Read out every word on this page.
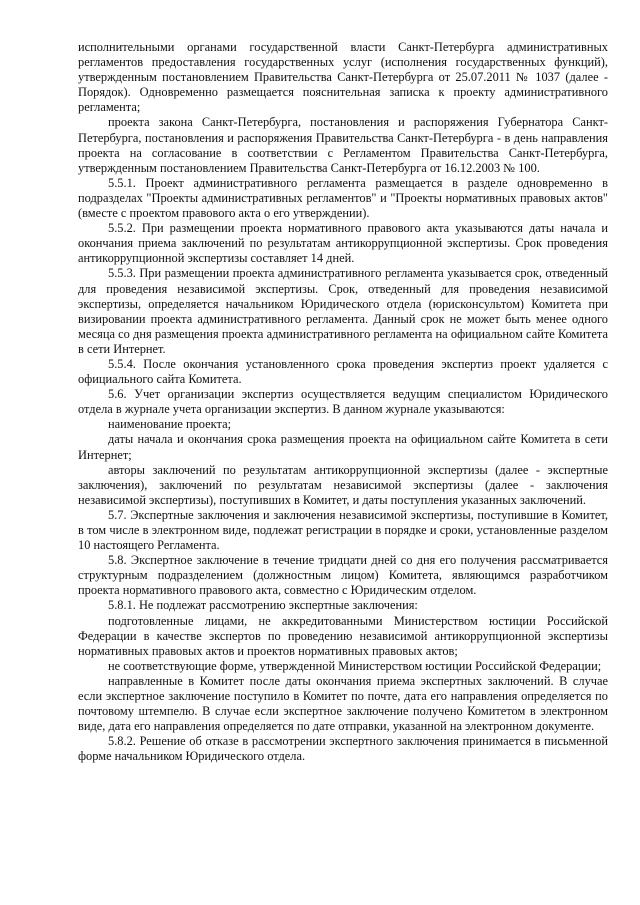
исполнительными органами государственной власти Санкт-Петербурга административных регламентов предоставления государственных услуг (исполнения государственных функций), утвержденным постановлением Правительства Санкт-Петербурга от 25.07.2011 № 1037 (далее - Порядок). Одновременно размещается пояснительная записка к проекту административного регламента;

проекта закона Санкт-Петербурга, постановления и распоряжения Губернатора Санкт-Петербурга, постановления и распоряжения Правительства Санкт-Петербурга - в день направления проекта на согласование в соответствии с Регламентом Правительства Санкт-Петербурга, утвержденным постановлением Правительства Санкт-Петербурга от 16.12.2003 № 100.

5.5.1. Проект административного регламента размещается в разделе одновременно в подразделах "Проекты административных регламентов" и "Проекты нормативных правовых актов" (вместе с проектом правового акта о его утверждении).

5.5.2. При размещении проекта нормативного правового акта указываются даты начала и окончания приема заключений по результатам антикоррупционной экспертизы. Срок проведения антикоррупционной экспертизы составляет 14 дней.

5.5.3. При размещении проекта административного регламента указывается срок, отведенный для проведения независимой экспертизы. Срок, отведенный для проведения независимой экспертизы, определяется начальником Юридического отдела (юрисконсультом) Комитета при визировании проекта административного регламента. Данный срок не может быть менее одного месяца со дня размещения проекта административного регламента на официальном сайте Комитета в сети Интернет.

5.5.4. После окончания установленного срока проведения экспертиз проект удаляется с официального сайта Комитета.

5.6. Учет организации экспертиз осуществляется ведущим специалистом Юридического отдела в журнале учета организации экспертиз. В данном журнале указываются:

наименование проекта;

даты начала и окончания срока размещения проекта на официальном сайте Комитета в сети Интернет;

авторы заключений по результатам антикоррупционной экспертизы (далее - экспертные заключения), заключений по результатам независимой экспертизы (далее - заключения независимой экспертизы), поступивших в Комитет, и даты поступления указанных заключений.

5.7. Экспертные заключения и заключения независимой экспертизы, поступившие в Комитет, в том числе в электронном виде, подлежат регистрации в порядке и сроки, установленные разделом 10 настоящего Регламента.

5.8. Экспертное заключение в течение тридцати дней со дня его получения рассматривается структурным подразделением (должностным лицом) Комитета, являющимся разработчиком проекта нормативного правового акта, совместно с Юридическим отделом.

5.8.1. Не подлежат рассмотрению экспертные заключения:

подготовленные лицами, не аккредитованными Министерством юстиции Российской Федерации в качестве экспертов по проведению независимой антикоррупционной экспертизы нормативных правовых актов и проектов нормативных правовых актов;

не соответствующие форме, утвержденной Министерством юстиции Российской Федерации;

направленные в Комитет после даты окончания приема экспертных заключений. В случае если экспертное заключение поступило в Комитет по почте, дата его направления определяется по почтовому штемпелю. В случае если экспертное заключение получено Комитетом в электронном виде, дата его направления определяется по дате отправки, указанной на электронном документе.

5.8.2. Решение об отказе в рассмотрении экспертного заключения принимается в письменной форме начальником Юридического отдела.
